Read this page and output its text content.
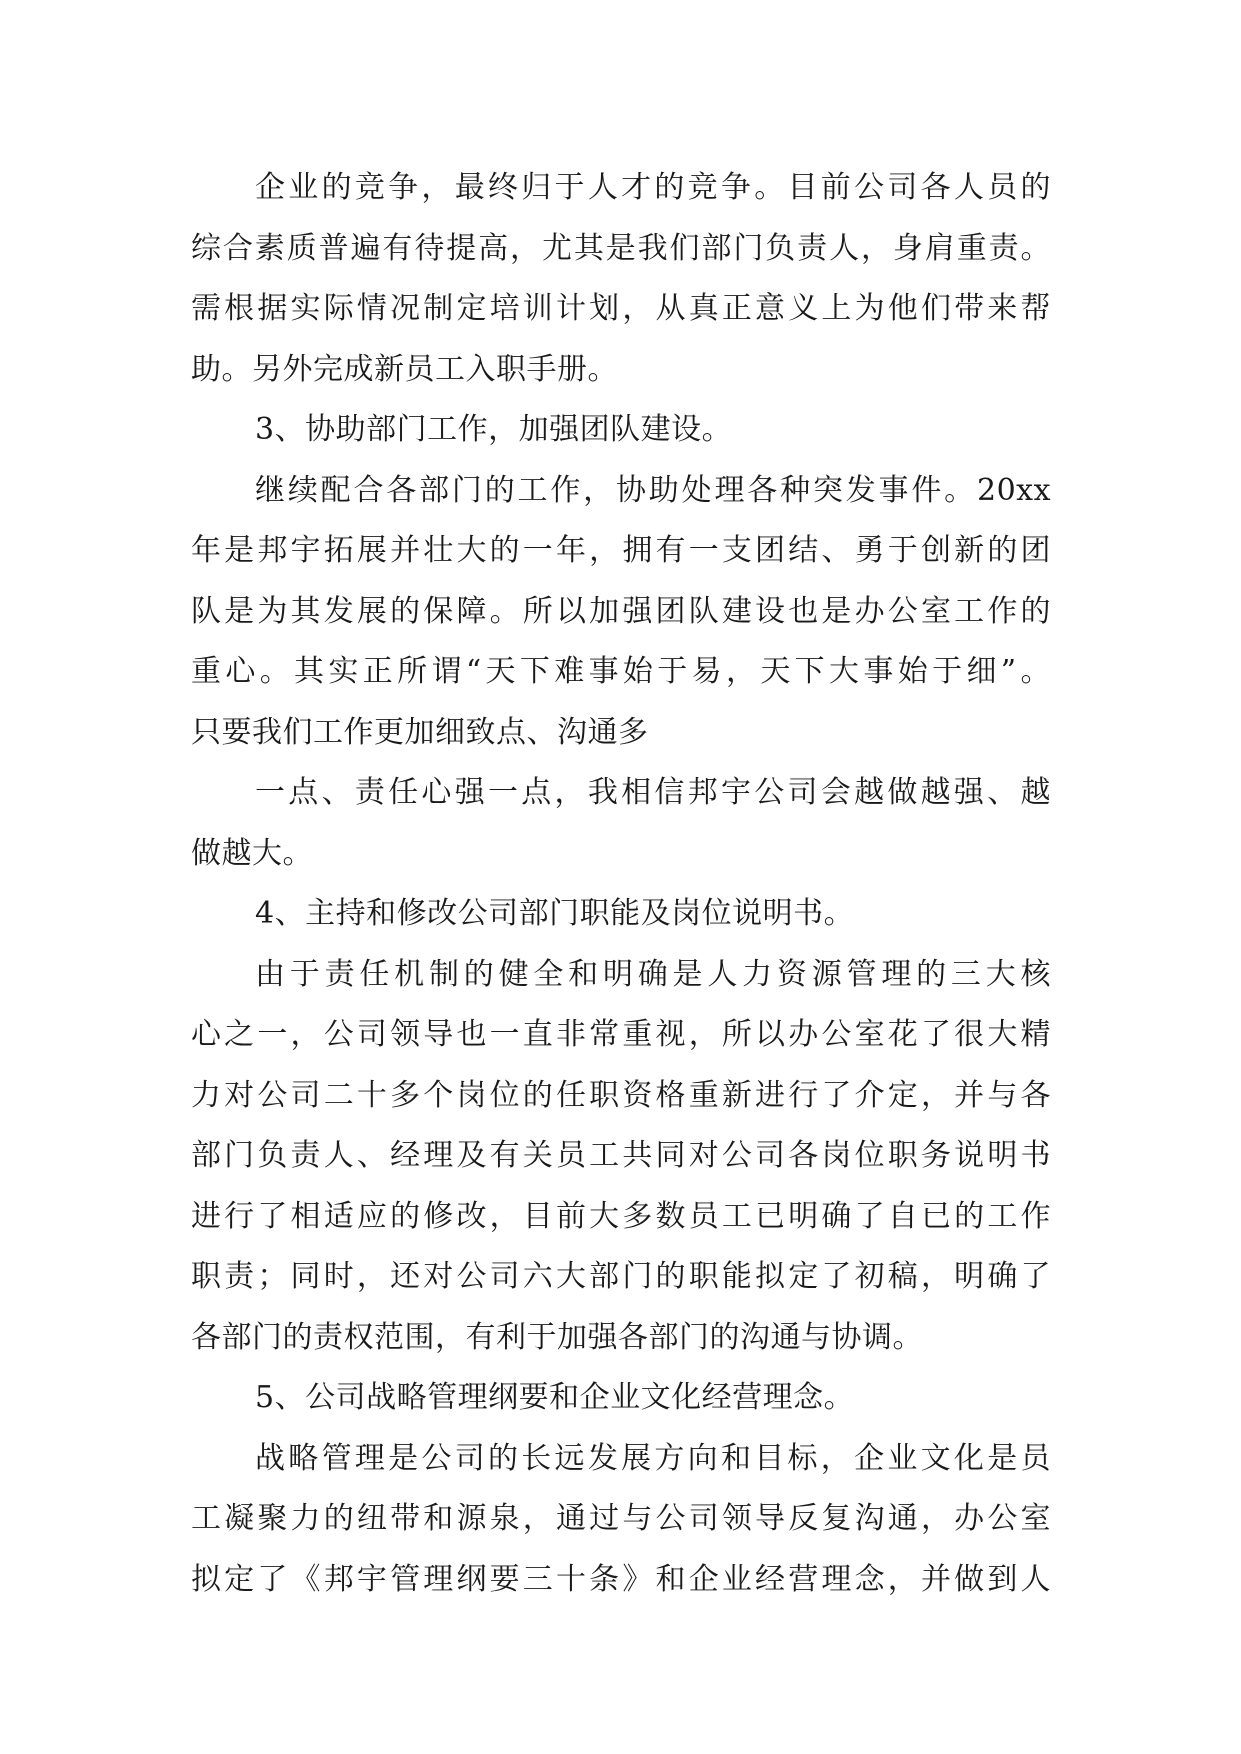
企业的竞争，最终归于人才的竞争。目前公司各人员的
综合素质普遍有待提高，尤其是我们部门负责人，身肩重责。
需根据实际情况制定培训计划，从真正意义上为他们带来帮
助。另外完成新员工入职手册。
3、协助部门工作，加强团队建设。
继续配合各部门的工作，协助处理各种突发事件。20xx
年是邦宇拓展并壮大的一年，拥有一支团结、勇于创新的团
队是为其发展的保障。所以加强团队建设也是办公室工作的
重心。其实正所谓“天下难事始于易，天下大事始于细”。
只要我们工作更加细致点、沟通多
一点、责任心强一点，我相信邦宇公司会越做越强、越
做越大。
4、主持和修改公司部门职能及岗位说明书。
由于责任机制的健全和明确是人力资源管理的三大核
心之一，公司领导也一直非常重视，所以办公室花了很大精
力对公司二十多个岗位的任职资格重新进行了介定，并与各
部门负责人、经理及有关员工共同对公司各岗位职务说明书
进行了相适应的修改，目前大多数员工已明确了自已的工作
职责；同时，还对公司六大部门的职能拟定了初稿，明确了
各部门的责权范围，有利于加强各部门的沟通与协调。
5、公司战略管理纲要和企业文化经营理念。
战略管理是公司的长远发展方向和目标，企业文化是员
工凝聚力的纽带和源泉，通过与公司领导反复沟通，办公室
拟定了《邦宇管理纲要三十条》和企业经营理念，并做到人
